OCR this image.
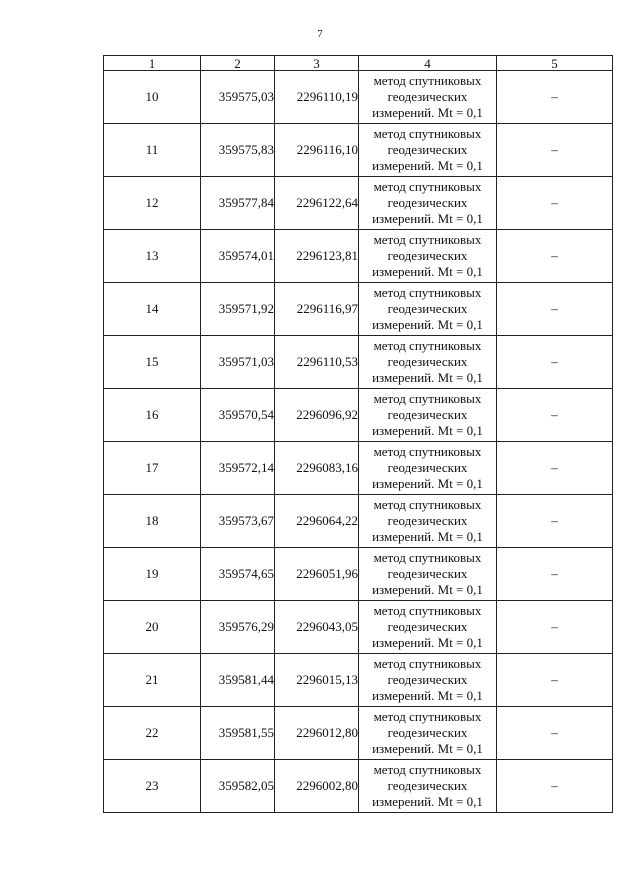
7
1	2	3	4	5
10	359575,03	2296110,19	метод спутниковых
геодезических
измерений. Mt = 0,1	–
11	359575,83	2296116,10	метод спутниковых
геодезических
измерений. Mt = 0,1	–
12	359577,84	2296122,64	метод спутниковых
геодезических
измерений. Mt = 0,1	–
13	359574,01	2296123,81	метод спутниковых
геодезических
измерений. Mt = 0,1	–
14	359571,92	2296116,97	метод спутниковых
геодезических
измерений. Mt = 0,1	–
15	359571,03	2296110,53	метод спутниковых
геодезических
измерений. Mt = 0,1	–
16	359570,54	2296096,92	метод спутниковых
геодезических
измерений. Mt = 0,1	–
17	359572,14	2296083,16	метод спутниковых
геодезических
измерений. Mt = 0,1	–
18	359573,67	2296064,22	метод спутниковых
геодезических
измерений. Mt = 0,1	–
19	359574,65	2296051,96	метод спутниковых
геодезических
измерений. Mt = 0,1	–
20	359576,29	2296043,05	метод спутниковых
геодезических
измерений. Mt = 0,1	–
21	359581,44	2296015,13	метод спутниковых
геодезических
измерений. Mt = 0,1	–
22	359581,55	2296012,80	метод спутниковых
геодезических
измерений. Mt = 0,1	–
23	359582,05	2296002,80	метод спутниковых
геодезических
измерений. Mt = 0,1	–
